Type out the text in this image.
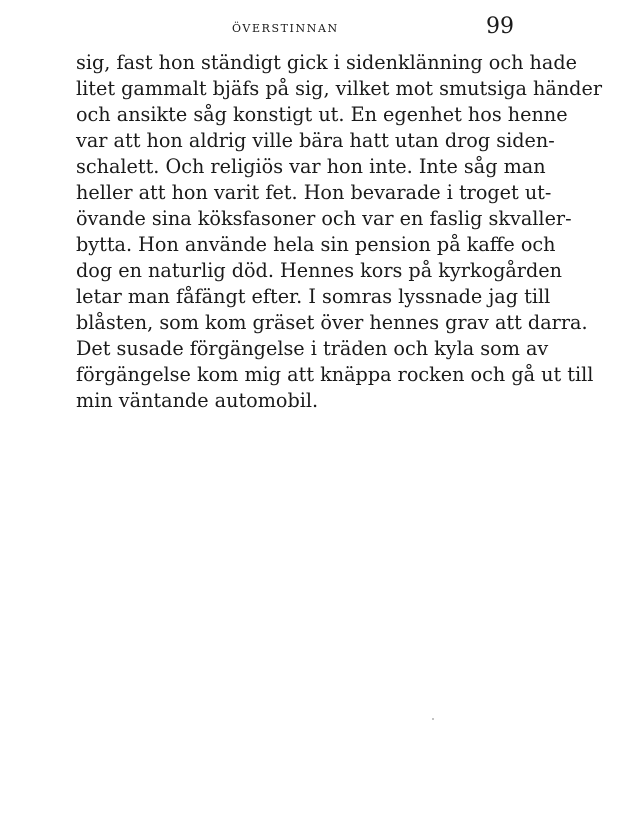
ÖVERSTINNAN	99
sig, fast hon ständigt gick i sidenklänning och hade
litet gammalt bjäfs på sig, vilket mot smutsiga händer
och ansikte såg konstigt ut. En egenhet hos henne
var att hon aldrig ville bära hatt utan drog siden-
schalett. Och religiös var hon inte. Inte såg man
heller att hon varit fet. Hon bevarade i troget ut-
övande sina köksfasoner och var en faslig skvaller-
bytta. Hon använde hela sin pension på kaffe och
dog en naturlig död. Hennes kors på kyrkogården
letar man fåfängt efter. I somras lyssnade jag till
blåsten, som kom gräset över hennes grav att darra.
Det susade förgängelse i träden och kyla som av
förgängelse kom mig att knäppa rocken och gå ut till
min väntande automobil.
